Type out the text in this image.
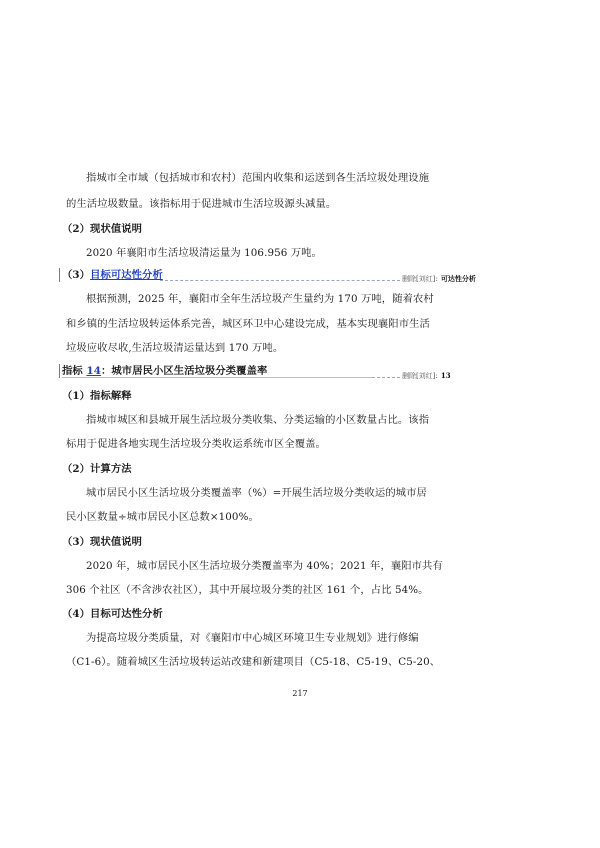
指城市全市域（包括城市和农村）范围内收集和运送到各生活垃圾处理设施
的生活垃圾数量。该指标用于促进城市生活垃圾源头减量。
（2）现状值说明
2020 年襄阳市生活垃圾清运量为 106.956 万吨。
（3）目标可达性分析	删除[刘红]: 可达性分析
根据预测，2025 年，襄阳市全年生活垃圾产生量约为 170 万吨，随着农村
和乡镇的生活垃圾转运体系完善，城区环卫中心建设完成，基本实现襄阳市生活
垃圾应收尽收,生活垃圾清运量达到 170 万吨。
指标 14：城市居民小区生活垃圾分类覆盖率	删除[刘红]: 13
（1）指标解释
指城市城区和县城开展生活垃圾分类收集、分类运输的小区数量占比。该指
标用于促进各地实现生活垃圾分类收运系统市区全覆盖。
（2）计算方法
城市居民小区生活垃圾分类覆盖率（%）=开展生活垃圾分类收运的城市居
民小区数量÷城市居民小区总数×100%。
（3）现状值说明
2020 年，城市居民小区生活垃圾分类覆盖率为 40%；2021 年，襄阳市共有
306 个社区（不含涉农社区），其中开展垃圾分类的社区 161 个，占比 54%。
（4）目标可达性分析
为提高垃圾分类质量，对《襄阳市中心城区环境卫生专业规划》进行修编
（C1-6）。随着城区生活垃圾转运站改建和新建项目（C5-18、C5-19、C5-20、
217
